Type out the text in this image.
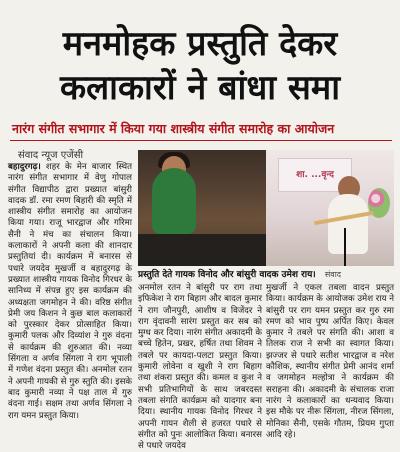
मनमोहक प्रस्तुति देकर
कलाकारों ने बांधा समा
नारंग संगीत सभागार में किया गया शास्त्रीय संगीत समारोह का आयोजन
संवाद न्यूज एजेंसी
शा. ...वृन्द
प्रस्तुति देते गायक विनोद और बांसुरी वादक उमेश राय। संवाद

बहादुरगढ़। शहर के मेन बाजार स्थित नारंग संगीत सभागार में वेणु गोपाल संगीत विद्यापीठ द्वारा प्रख्यात बांसुरी वादक डॉ. रमा रमण बिहारी की स्मृति में शास्त्रीय संगीत समारोह का आयोजन किया गया। राजू भारद्वाज और गरिमा सैनी ने मंच का संचालन किया। कलाकारों ने अपनी कला की शानदार प्रस्तुतियां दी। कार्यक्रम में बनारस से पधारे जयदेव मुखर्जी व बहादुरगढ़ के प्रख्यात शास्त्रीय गायक विनोद गिरधर के सानिध्य में संपन्न हुए इस कार्यक्रम की अध्यक्षता जगमोहन ने की। वरिष्ठ संगीत प्रेमी जय किशन ने कुछ बाल कलाकारों को पुरस्कार देकर प्रोत्साहित किया। कुमारी पलक और दिव्यांश ने गुरु वंदना से कार्यक्रम की शुरुआत की। नव्या सिंगला व अर्णव सिंगला ने राग भूपाली में गणेश वंदना प्रस्तुत की। अनमोल रतन ने अपनी गायकी से गुरु स्तुति की। इसके बाद कुमारी नव्या ने पक्ष ताल में गुरु वंदना गाई। सक्षम तथा अर्णव सिंगला ने राग यमन प्रस्तुत किया।

अनमोल रतन ने बांसुरी पर राग तथा इफिकेश ने राग बिहाग और बादल कुमार ने राग जौनपुरी, आशीष व विजेंदर ने राग वृंदावनी सारंग प्रस्तुत कर सब को मुग्ध कर दिया। नारंग संगीत अकादमी के बच्चे हितेन, प्रखर, हर्षित तथा शिवम ने तबले पर कायदा-पलटा प्रस्तुत किया। कुमारी लोवेना व खुशी ने राग बिहाग तथा शंकरा प्रस्तुत की। कमल व कुश ने सभी प्रतिभागियों के साथ जबरदस्त तबला संगति कार्यक्रम को यादगार बना दिया। स्थानीय गायक विनोद गिरधर ने अपनी गायन शैली से हजरत पधारे से संगीत को पुनः आलोकित किया। बनारस से पधारे जयदेव

मुखर्जी ने एकल तबला वादन प्रस्तुत किया। कार्यक्रम के आयोजक उमेश राय ने बांसुरी पर राग यमन प्रस्तुत कर गुरु रमा रमण को भाव पुष्प अर्पित किए। केवल कुमार ने तबले पर संगति की। आशा व तिलक राज ने सभी का स्वागत किया। झज्जर से पधारे सतीश भारद्वाज व नरेश कौशिक, स्थानीय संगीत प्रेमी आनंद शर्मा व जगमोहन मल्होत्रा ने कार्यक्रम की सराहना की। अकादमी के संचालक राजा नारंग ने कलाकारों का धन्यवाद किया। इस मौके पर नीरू सिंगला, नीरज सिंगला, मोनिका सैनी, एसके गौतम, प्रियम गुप्ता आदि रहे।
